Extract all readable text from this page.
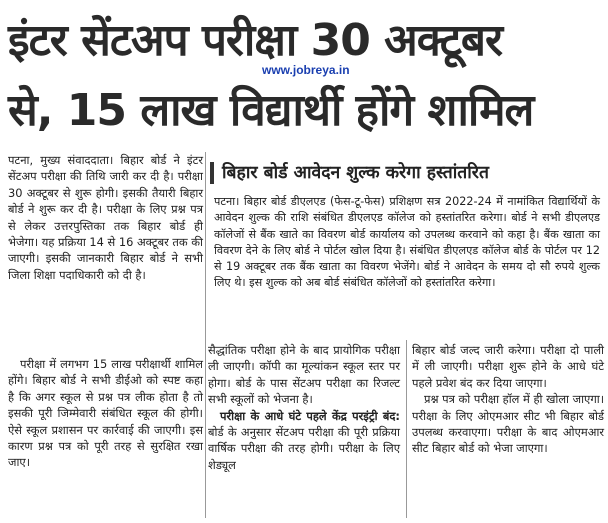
इंटर सेंटअप परीक्षा 30 अक्टूबर
www.jobreya.in
से, 15 लाख विद्यार्थी होंगे शामिल

पटना, मुख्य संवाददाता। बिहार बोर्ड ने इंटर सेंटअप परीक्षा की तिथि जारी कर दी है। परीक्षा 30 अक्टूबर से शुरू होगी। इसकी तैयारी बिहार बोर्ड ने शुरू कर दी है। परीक्षा के लिए प्रश्न पत्र से लेकर उत्तरपुस्तिका तक बिहार बोर्ड ही भेजेगा। यह प्रक्रिया 14 से 16 अक्टूबर तक की जाएगी। इसकी जानकारी बिहार बोर्ड ने सभी जिला शिक्षा पदाधिकारी को दी है।

परीक्षा में लगभग 15 लाख परीक्षार्थी शामिल होंगे। बिहार बोर्ड ने सभी डीईओ को स्पष्ट कहा है कि अगर स्कूल से प्रश्न पत्र लीक होता है तो इसकी पूरी जिम्मेवारी संबंधित स्कूल की होगी। ऐसे स्कूल प्रशासन पर कार्रवाई की जाएगी। इस कारण प्रश्न पत्र को पूरी तरह से सुरक्षित रखा जाए।

बिहार बोर्ड आवेदन शुल्क करेगा हस्तांतरित
पटना। बिहार बोर्ड डीएलएड (फेस-टू-फेस) प्रशिक्षण सत्र 2022-24 में नामांकित विद्यार्थियों के आवेदन शुल्क की राशि संबंधित डीएलएड कॉलेज को हस्तांतरित करेगा। बोर्ड ने सभी डीएलएड कॉलेजों से बैंक खाते का विवरण बोर्ड कार्यालय को उपलब्ध करवाने को कहा है। बैंक खाता का विवरण देने के लिए बोर्ड ने पोर्टल खोल दिया है। संबंधित डीएलएड कॉलेज बोर्ड के पोर्टल पर 12 से 19 अक्टूबर तक बैंक खाता का विवरण भेजेंगे। बोर्ड ने आवेदन के समय दो सौ रुपये शुल्क लिए थे। इस शुल्क को अब बोर्ड संबंधित कॉलेजों को हस्तांतरित करेगा।

सैद्धांतिक परीक्षा होने के बाद प्रायोगिक परीक्षा ली जाएगी। कॉपी का मूल्यांकन स्कूल स्तर पर होगा। बोर्ड के पास सेंटअप परीक्षा का रिजल्ट सभी स्कूलों को भेजना है।

परीक्षा के आधे घंटे पहले केंद्र परइंट्री बंद: बोर्ड के अनुसार सेंटअप परीक्षा की पूरी प्रक्रिया वार्षिक परीक्षा की तरह होगी। परीक्षा के लिए शेड्यूल

बिहार बोर्ड जल्द जारी करेगा। परीक्षा दो पाली में ली जाएगी। परीक्षा शुरू होने के आधे घंटे पहले प्रवेश बंद कर दिया जाएगा।

प्रश्न पत्र को परीक्षा हॉल में ही खोला जाएगा। परीक्षा के लिए ओएमआर सीट भी बिहार बोर्ड उपलब्ध करवाएगा। परीक्षा के बाद ओएमआर सीट बिहार बोर्ड को भेजा जाएगा।
